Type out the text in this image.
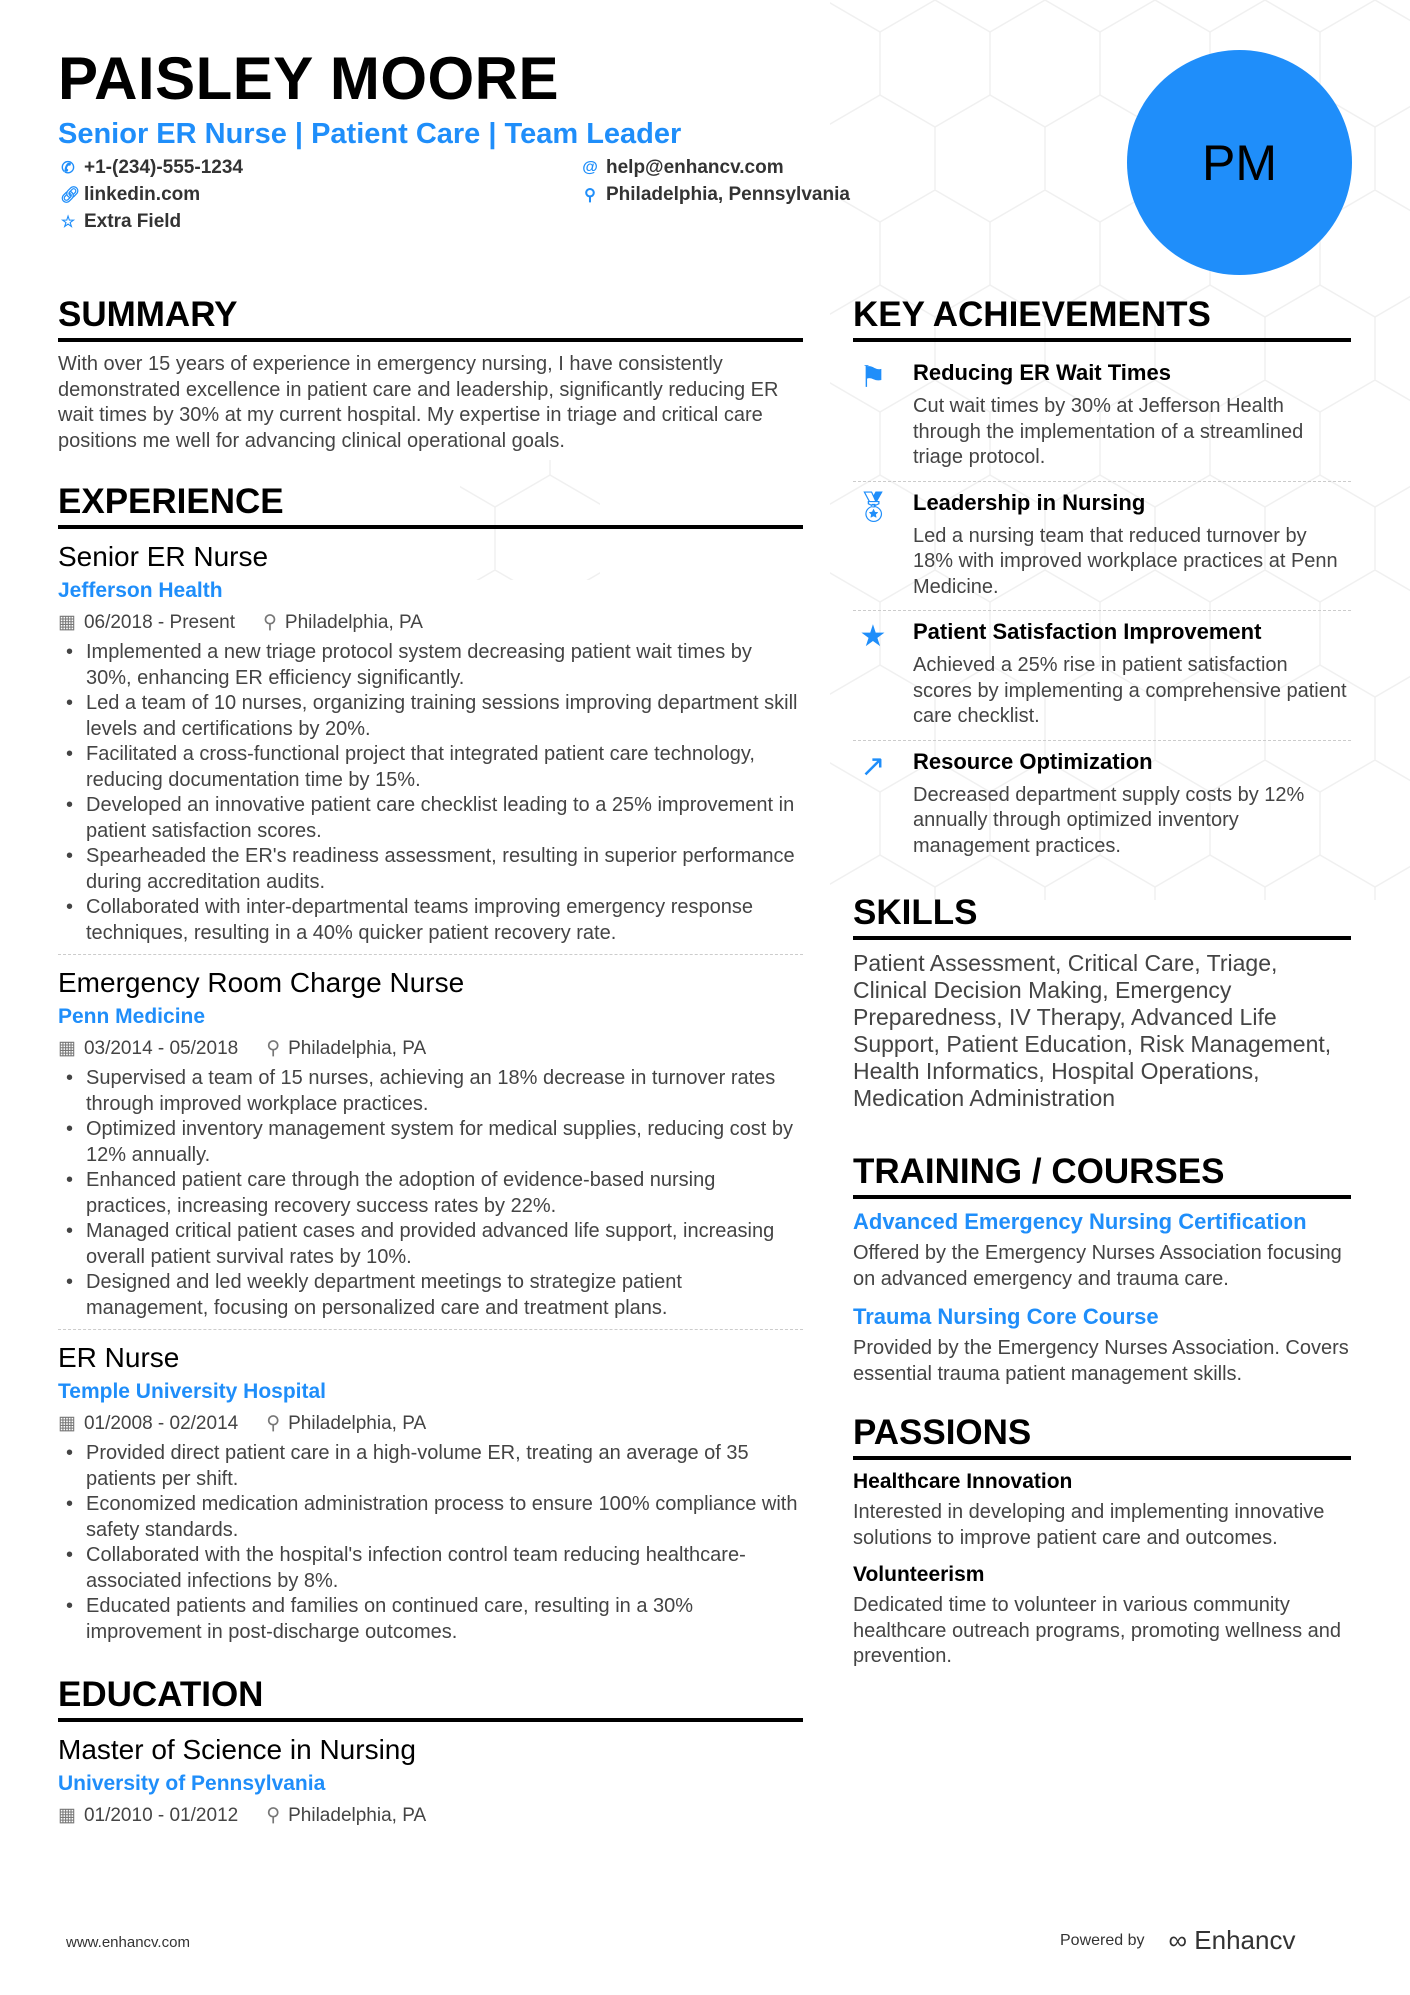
PAISLEY MOORE
Senior ER Nurse | Patient Care | Team Leader
✆ +1-(234)-555-1234
🔗︎ linkedin.com
☆ Extra Field
@ help@enhancv.com
⚲ Philadelphia, Pennsylvania
PM
SUMMARY

With over 15 years of experience in emergency nursing, I have consistently demonstrated excellence in patient care and leadership, significantly reducing ER wait times by 30% at my current hospital. My expertise in triage and critical care positions me well for advancing clinical operational goals.

EXPERIENCE
Senior ER Nurse
Jefferson Health
▦ 06/2018 - Present ⚲ Philadelphia, PA
• Implemented a new triage protocol system decreasing patient wait times by 30%, enhancing ER efficiency significantly.
• Led a team of 10 nurses, organizing training sessions improving department skill levels and certifications by 20%.
• Facilitated a cross-functional project that integrated patient care technology, reducing documentation time by 15%.
• Developed an innovative patient care checklist leading to a 25% improvement in patient satisfaction scores.
• Spearheaded the ER's readiness assessment, resulting in superior performance during accreditation audits.
• Collaborated with inter-departmental teams improving emergency response techniques, resulting in a 40% quicker patient recovery rate.
Emergency Room Charge Nurse
Penn Medicine
▦ 03/2014 - 05/2018 ⚲ Philadelphia, PA
• Supervised a team of 15 nurses, achieving an 18% decrease in turnover rates through improved workplace practices.
• Optimized inventory management system for medical supplies, reducing cost by 12% annually.
• Enhanced patient care through the adoption of evidence-based nursing practices, increasing recovery success rates by 22%.
• Managed critical patient cases and provided advanced life support, increasing overall patient survival rates by 10%.
• Designed and led weekly department meetings to strategize patient management, focusing on personalized care and treatment plans.
ER Nurse
Temple University Hospital
▦ 01/2008 - 02/2014 ⚲ Philadelphia, PA
• Provided direct patient care in a high-volume ER, treating an average of 35 patients per shift.
• Economized medication administration process to ensure 100% compliance with safety standards.
• Collaborated with the hospital's infection control team reducing healthcare-associated infections by 8%.
• Educated patients and families on continued care, resulting in a 30% improvement in post-discharge outcomes.
EDUCATION
Master of Science in Nursing
University of Pennsylvania
▦ 01/2010 - 01/2012 ⚲ Philadelphia, PA
KEY ACHIEVEMENTS
⚑ Reducing ER Wait Times

Cut wait times by 30% at Jefferson Health through the implementation of a streamlined triage protocol.

🏅︎ Leadership in Nursing

Led a nursing team that reduced turnover by 18% with improved workplace practices at Penn Medicine.

★ Patient Satisfaction Improvement

Achieved a 25% rise in patient satisfaction scores by implementing a comprehensive patient care checklist.

↗	Resource Optimization

Decreased department supply costs by 12% annually through optimized inventory management practices.

SKILLS

Patient Assessment, Critical Care, Triage, Clinical Decision Making, Emergency Preparedness, IV Therapy, Advanced Life Support, Patient Education, Risk Management, Health Informatics, Hospital Operations, Medication Administration

TRAINING / COURSES
Advanced Emergency Nursing Certification

Offered by the Emergency Nurses Association focusing on advanced emergency and trauma care.

Trauma Nursing Core Course

Provided by the Emergency Nurses Association. Covers essential trauma patient management skills.

PASSIONS
Healthcare Innovation

Interested in developing and implementing innovative solutions to improve patient care and outcomes.

Volunteerism

Dedicated time to volunteer in various community healthcare outreach programs, promoting wellness and prevention.

www.enhancv.com	Powered by ∞ Enhancv
